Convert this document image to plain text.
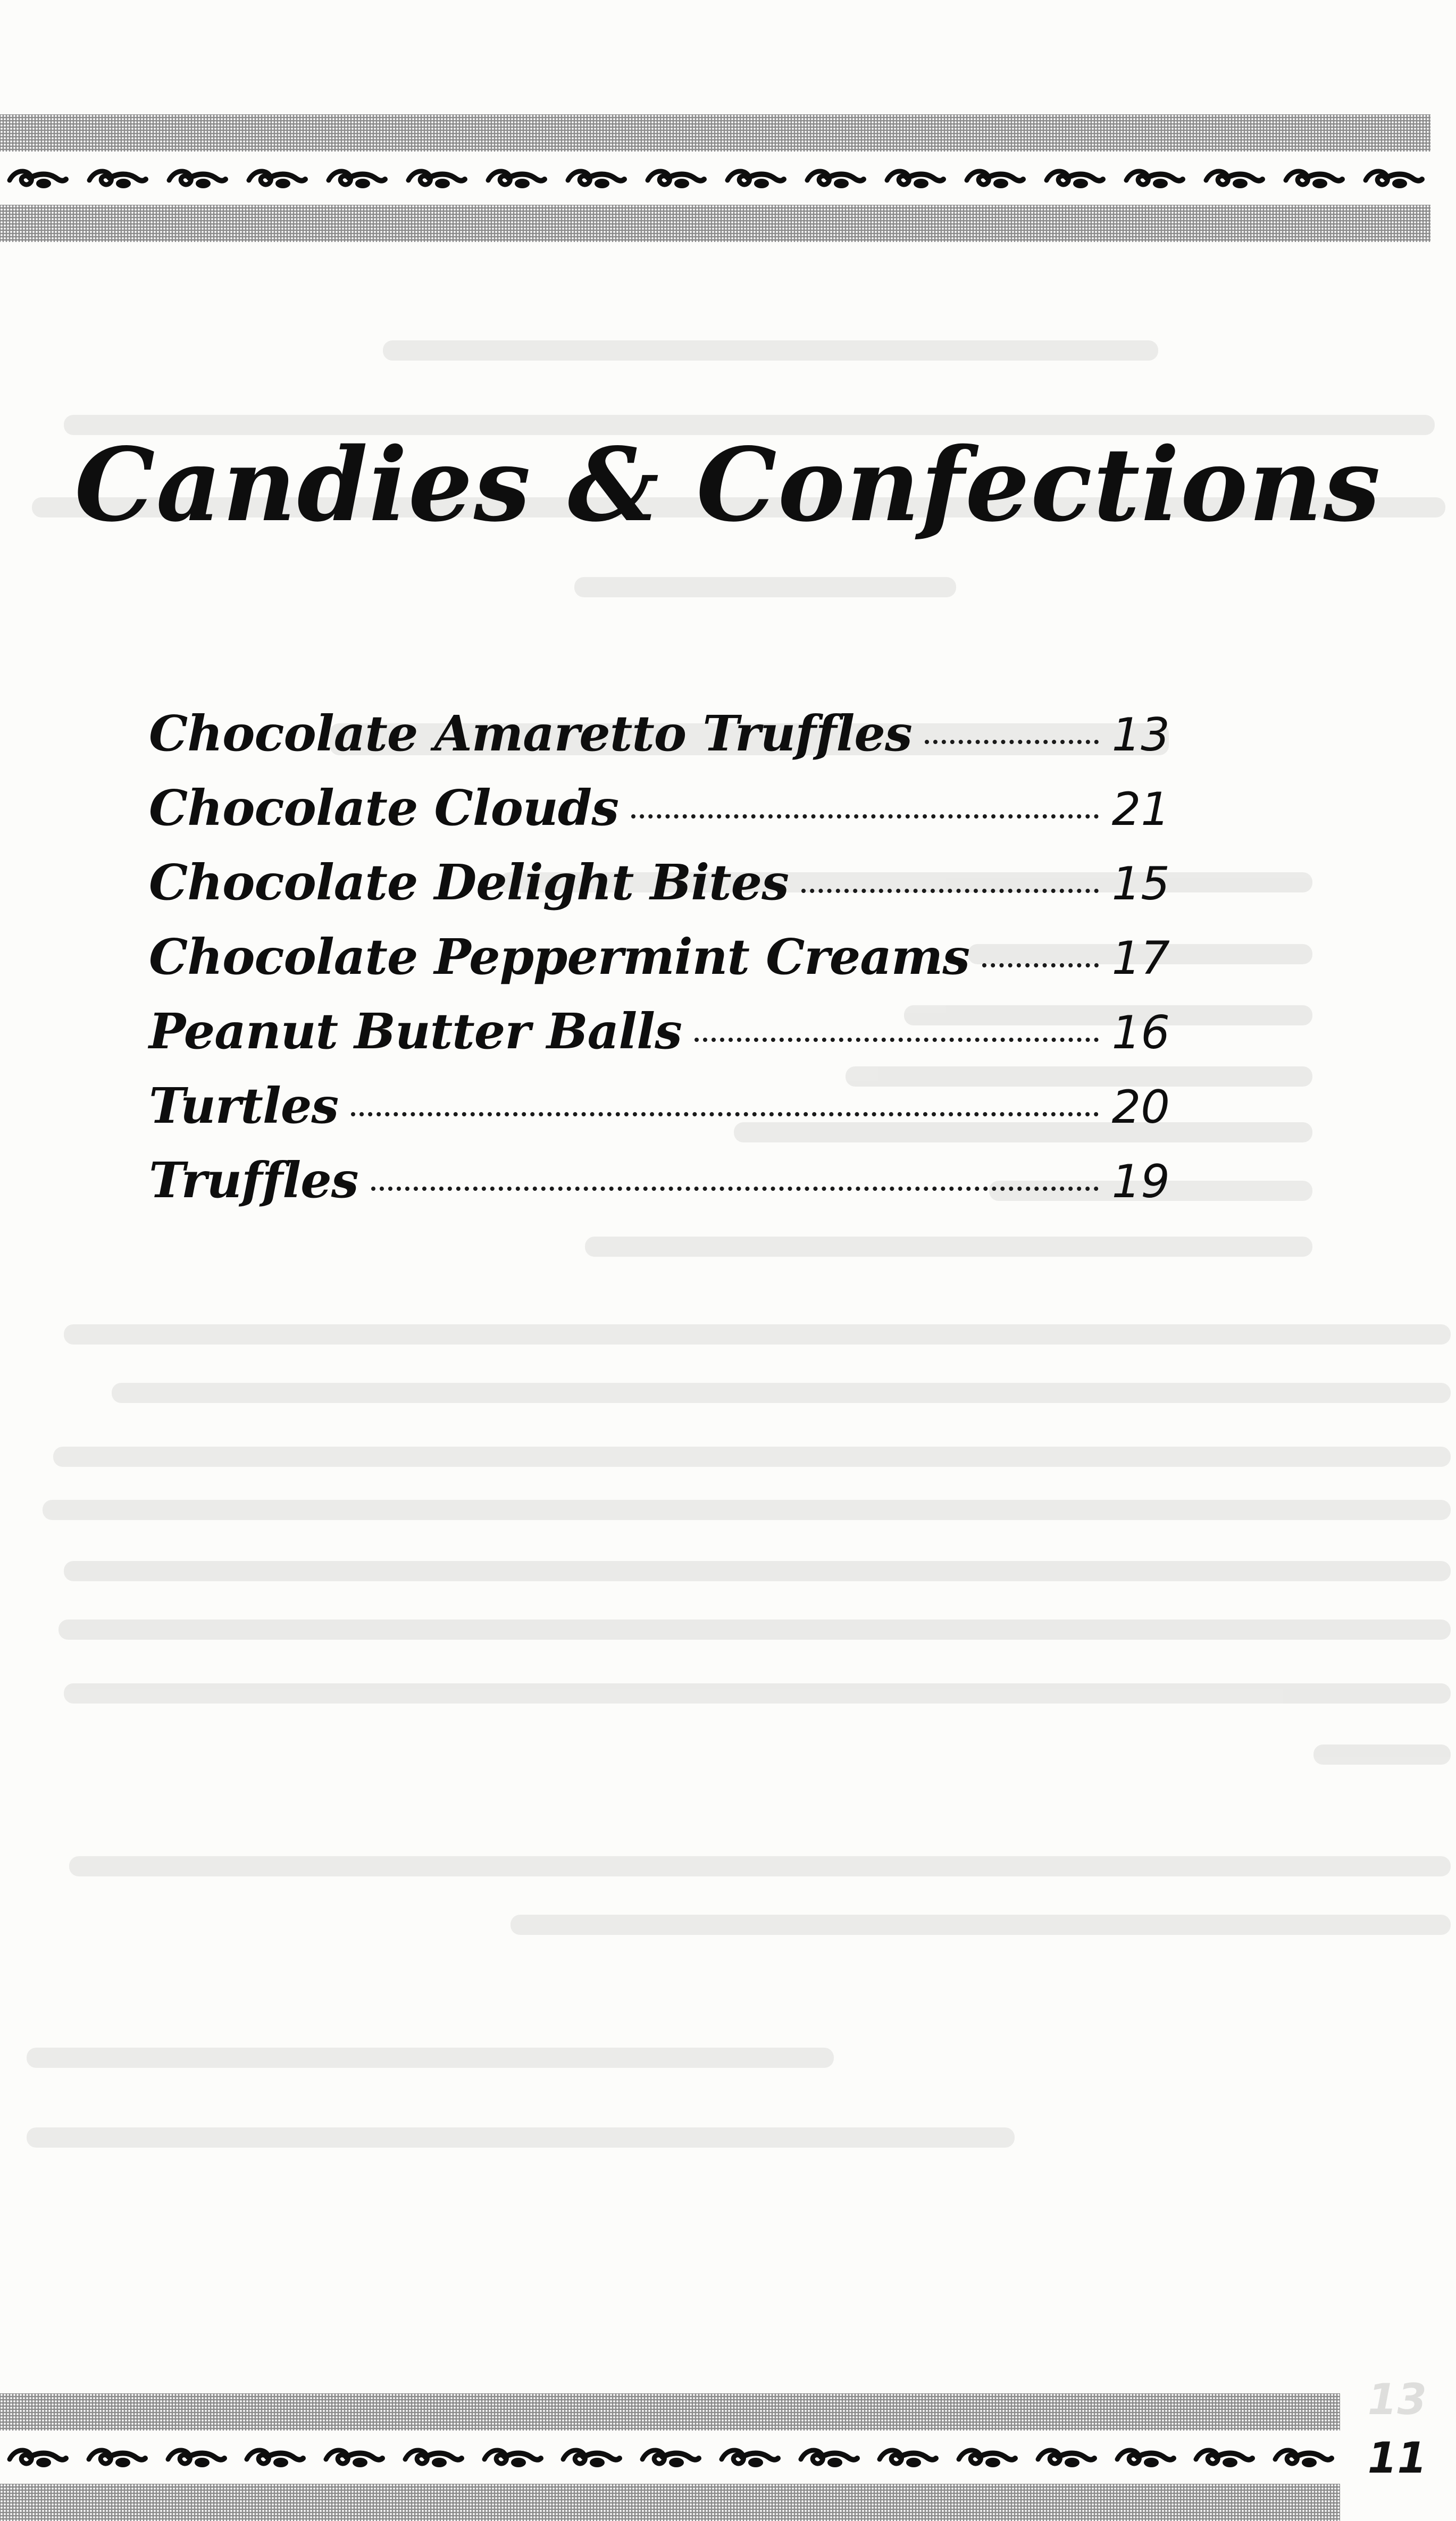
Candies & Confections
Chocolate Amaretto Truffles	13
Chocolate Clouds	21
Chocolate Delight Bites	15
Chocolate Peppermint Creams	17
Peanut Butter Balls	16
Turtles	20
Truffles	19
13
11
